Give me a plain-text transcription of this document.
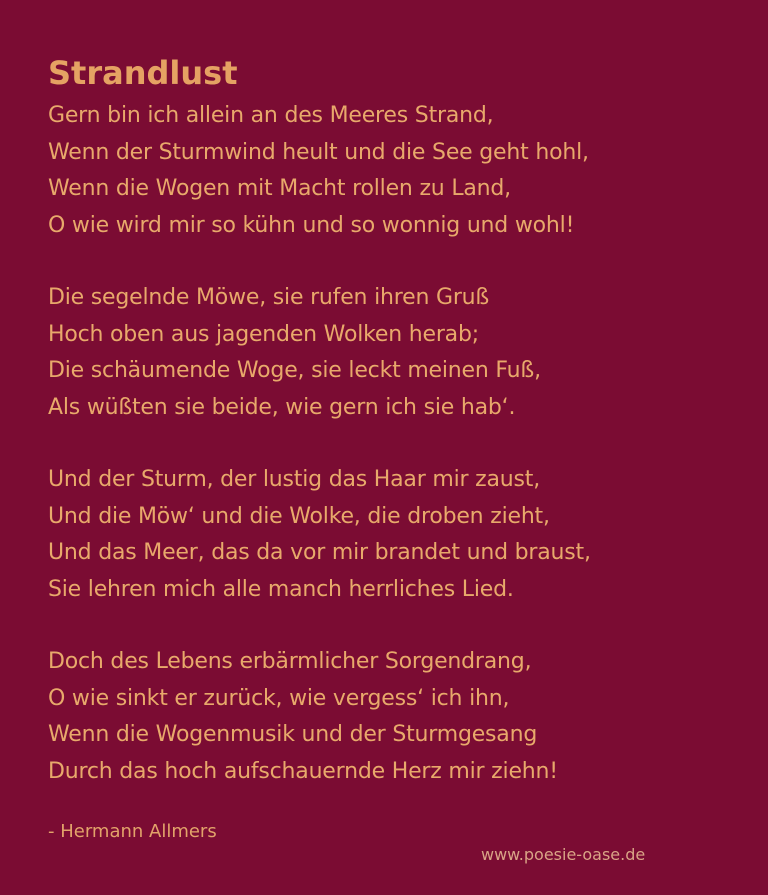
Strandlust
Gern bin ich allein an des Meeres Strand,
Wenn der Sturmwind heult und die See geht hohl,
Wenn die Wogen mit Macht rollen zu Land,
O wie wird mir so kühn und so wonnig und wohl!
Die segelnde Möwe, sie rufen ihren Gruß
Hoch oben aus jagenden Wolken herab;
Die schäumende Woge, sie leckt meinen Fuß,
Als wüßten sie beide, wie gern ich sie hab‘.
Und der Sturm, der lustig das Haar mir zaust,
Und die Möw‘ und die Wolke, die droben zieht,
Und das Meer, das da vor mir brandet und braust,
Sie lehren mich alle manch herrliches Lied.
Doch des Lebens erbärmlicher Sorgendrang,
O wie sinkt er zurück, wie vergess‘ ich ihn,
Wenn die Wogenmusik und der Sturmgesang
Durch das hoch aufschauernde Herz mir ziehn!
- Hermann Allmers
www.poesie-oase.de
